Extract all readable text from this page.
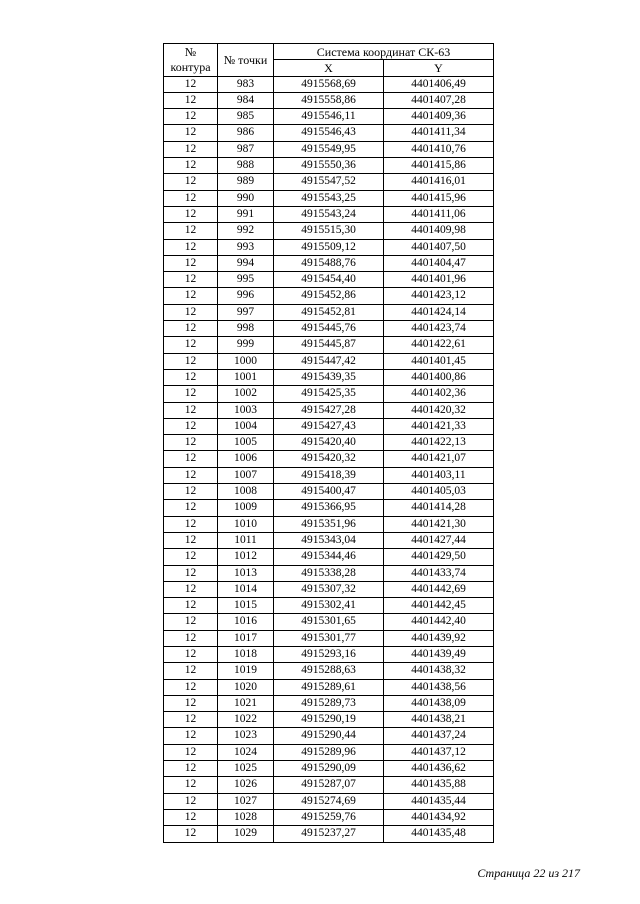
№
контура	№ точки	Система координат СК-63	
		X	Y
12	983	4915568,69	4401406,49
12	984	4915558,86	4401407,28
12	985	4915546,11	4401409,36
12	986	4915546,43	4401411,34
12	987	4915549,95	4401410,76
12	988	4915550,36	4401415,86
12	989	4915547,52	4401416,01
12	990	4915543,25	4401415,96
12	991	4915543,24	4401411,06
12	992	4915515,30	4401409,98
12	993	4915509,12	4401407,50
12	994	4915488,76	4401404,47
12	995	4915454,40	4401401,96
12	996	4915452,86	4401423,12
12	997	4915452,81	4401424,14
12	998	4915445,76	4401423,74
12	999	4915445,87	4401422,61
12	1000	4915447,42	4401401,45
12	1001	4915439,35	4401400,86
12	1002	4915425,35	4401402,36
12	1003	4915427,28	4401420,32
12	1004	4915427,43	4401421,33
12	1005	4915420,40	4401422,13
12	1006	4915420,32	4401421,07
12	1007	4915418,39	4401403,11
12	1008	4915400,47	4401405,03
12	1009	4915366,95	4401414,28
12	1010	4915351,96	4401421,30
12	1011	4915343,04	4401427,44
12	1012	4915344,46	4401429,50
12	1013	4915338,28	4401433,74
12	1014	4915307,32	4401442,69
12	1015	4915302,41	4401442,45
12	1016	4915301,65	4401442,40
12	1017	4915301,77	4401439,92
12	1018	4915293,16	4401439,49
12	1019	4915288,63	4401438,32
12	1020	4915289,61	4401438,56
12	1021	4915289,73	4401438,09
12	1022	4915290,19	4401438,21
12	1023	4915290,44	4401437,24
12	1024	4915289,96	4401437,12
12	1025	4915290,09	4401436,62
12	1026	4915287,07	4401435,88
12	1027	4915274,69	4401435,44
12	1028	4915259,76	4401434,92
12	1029	4915237,27	4401435,48
Страница 22 из 217
